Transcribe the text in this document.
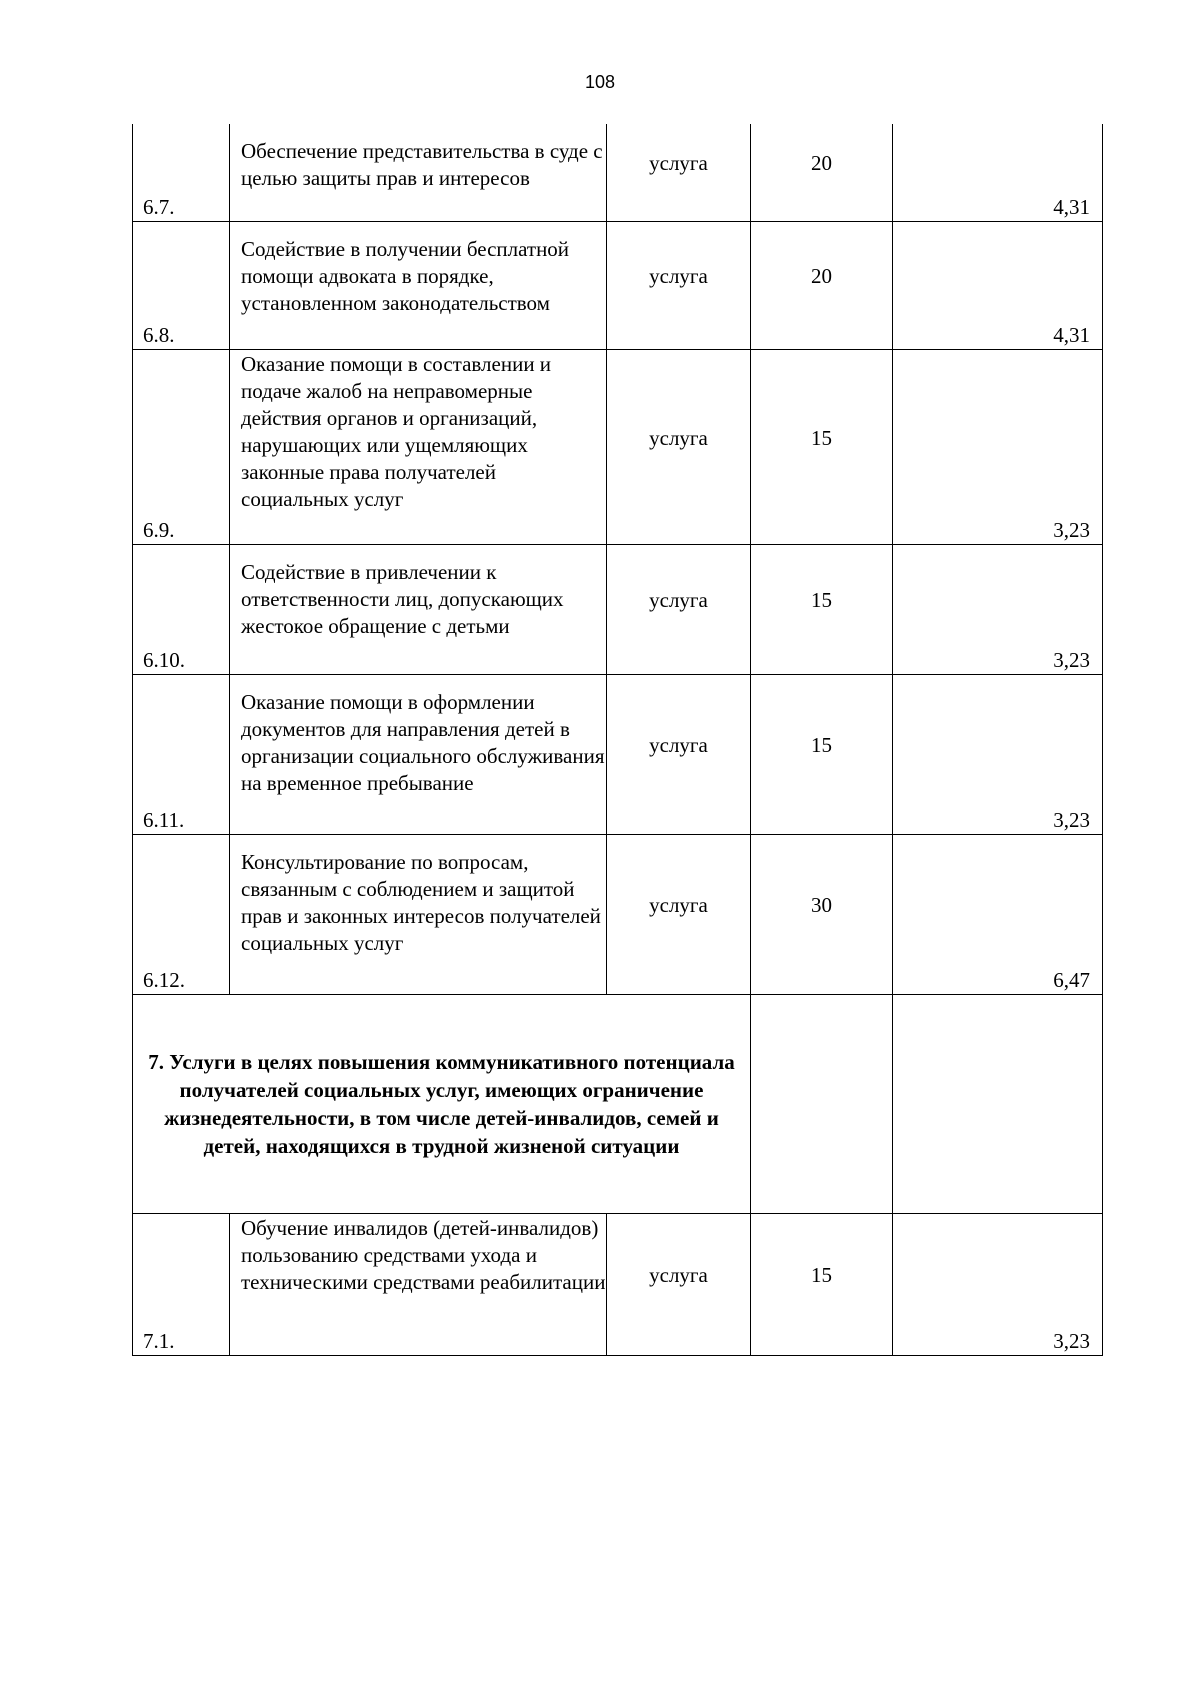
108
6.7.	Обеспечение представительства в суде с целью защиты прав и интересов	услуга	20	4,31

6.8.	Содействие в получении бесплатной помощи адвоката в порядке, установленном законодательством	услуга	20	4,31

6.9.	Оказание помощи в составлении и подаче жалоб на неправомерные действия органов и организаций, нарушающих или ущемляющих законные права получателей социальных услуг	услуга	15	3,23

6.10.	Содействие в привлечении к ответственности лиц, допускающих жестокое обращение с детьми	услуга	15	3,23

6.11.	Оказание помощи в оформлении документов для направления детей в организации социального обслуживания на временное пребывание	услуга	15	3,23

6.12.	Консультирование по вопросам, связанным с соблюдением и защитой прав и законных интересов получателей социальных услуг	услуга	30	6,47

7. Услуги в целях повышения коммуникативного потенциала получателей социальных услуг, имеющих ограничение жизнедеятельности, в том числе детей-инвалидов, семей и детей, находящихся в трудной жизненой ситуации				

7.1.	Обучение инвалидов (детей-инвалидов) пользованию средствами ухода и техническими средствами реабилитации	услуга	15	3,23
